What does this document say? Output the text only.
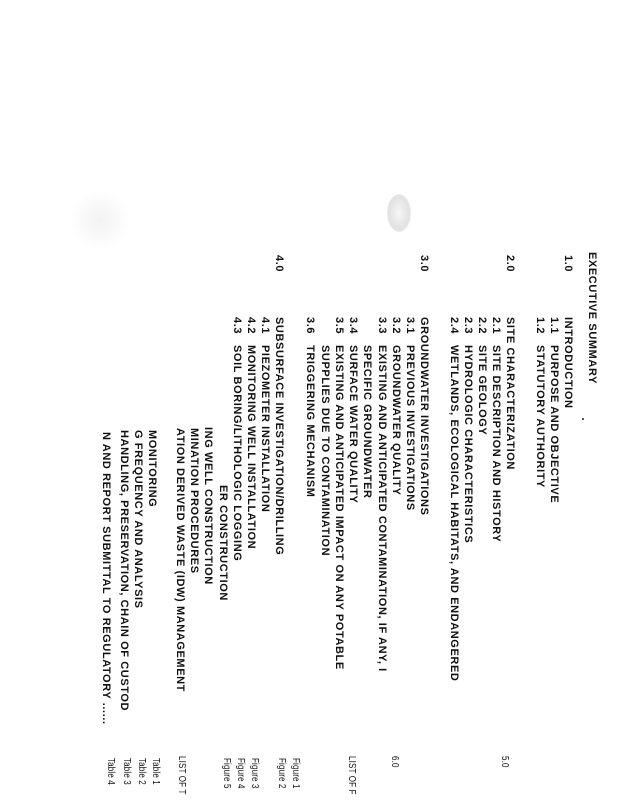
EXECUTIVE SUMMARY
1.0
2.0
3.0
4.0
1.1
1.2
2.1
2.2
2.3
2.4
3.1
3.2
3.3
3.4
3.5
3.6
4.1
4.2
4.3	INTRODUCTION
PURPOSE AND OBJECTIVE
STATUTORY AUTHORITY
SITE CHARACTERIZATION
SITE DESCRIPTION AND HISTORY
SITE GEOLOGY
HYDROLOGIC CHARACTERISTICS
WETLANDS, ECOLOGICAL HABITATS, AND ENDANGERED
GROUNDWATER INVESTIGATIONS
PREVIOUS INVESTIGATIONS
GROUNDWATER QUALITY
EXISTING AND ANTICIPATED CONTAMINATION, IF ANY, I
SPECIFIC GROUNDWATER
SURFACE WATER QUALITY
EXISTING AND ANTICIPATED IMPACT ON ANY POTABLE
SUPPLIES DUE TO CONTAMINATION
TRIGGERING MECHANISM
SUBSURFACE INVESTIGATION/DRILLING
PIEZOMETER INSTALLATION
MONITORING WELL INSTALLATION
SOIL BORING/LITHOLOGIC LOGGING
ER CONSTRUCTION
ING WELL CONSTRUCTION
MINATION PROCEDURES
ATION DERIVED WASTE (IDW) MANAGEMENT
MONITORING
G FREQUENCY AND ANALYSIS
HANDLING, PRESERVATION, CHAIN OF CUSTOD
N AND REPORT SUBMITTAL TO REGULATORY ......
5.0
6.0
LIST OF F
Figure 1
Figure 2
Figure 3
Figure 4
Figure 5
LIST OF T
Table 1
Table 2
Table 3
Table 4
